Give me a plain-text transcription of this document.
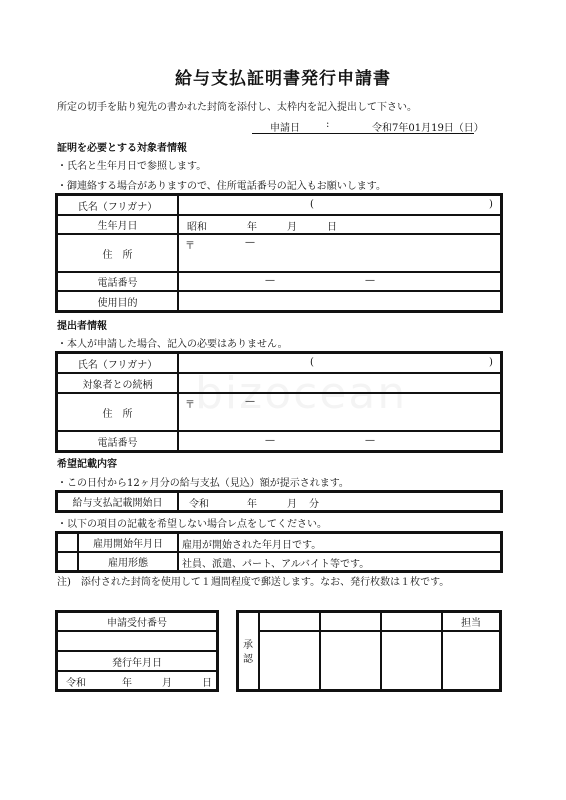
給与支払証明書発行申請書
所定の切手を貼り宛先の書かれた封筒を添付し、太枠内を記入提出して下さい。
申請日	:	令和7年01月19日（日）
証明を必要とする対象者情報
・氏名と生年月日で参照します。
・御連絡する場合がありますので、住所電話番号の記入もお願いします。
氏名（フリガナ）	(	)
生年月日	昭和	年	月	日
住　所
〒	—
電話番号	—	—
使用目的
提出者情報
・本人が申請した場合、記入の必要はありません。
氏名（フリガナ）	(	)
対象者との続柄
住　所
〒	—
電話番号	—	—
希望記載内容
・この日付から12ヶ月分の給与支払（見込）額が提示されます。
給与支払記載開始日	令和	年	月 分
・以下の項目の記載を希望しない場合レ点をしてください。
雇用開始年月日	雇用が開始された年月日です。
雇用形態	社員、派遣、パート、アルバイト等です。
注)　添付された封筒を使用して１週間程度で郵送します。なお、発行枚数は１枚です。
申請受付番号
発行年月日
令和	年	月	日
承認
担当
